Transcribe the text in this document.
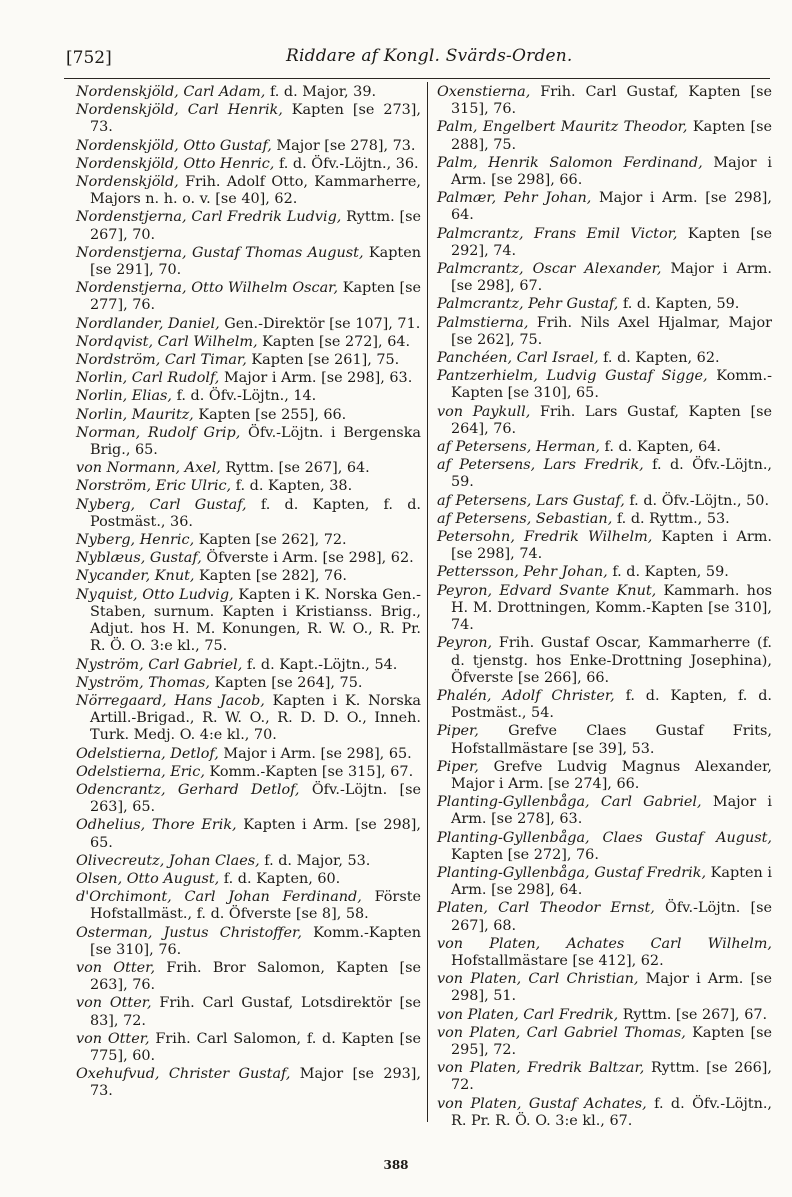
[752]	Riddare af Kongl. Svärds-Orden.
Nordenskjöld, Carl Adam, f. d. Major, 39.
Nordenskjöld, Carl Henrik, Kapten [se 273], 73.
Nordenskjöld, Otto Gustaf, Major [se 278], 73.
Nordenskjöld, Otto Henric, f. d. Öfv.-Löjtn., 36.
Nordenskjöld, Frih. Adolf Otto, Kammarherre, Majors n. h. o. v. [se 40], 62.
Nordenstjerna, Carl Fredrik Ludvig, Ryttm. [se 267], 70.
Nordenstjerna, Gustaf Thomas August, Kapten [se 291], 70.
Nordenstjerna, Otto Wilhelm Oscar, Kapten [se 277], 76.
Nordlander, Daniel, Gen.-Direktör [se 107], 71.
Nordqvist, Carl Wilhelm, Kapten [se 272], 64.
Nordström, Carl Timar, Kapten [se 261], 75.
Norlin, Carl Rudolf, Major i Arm. [se 298], 63.
Norlin, Elias, f. d. Öfv.-Löjtn., 14.
Norlin, Mauritz, Kapten [se 255], 66.
Norman, Rudolf Grip, Öfv.-Löjtn. i Bergenska Brig., 65.
von Normann, Axel, Ryttm. [se 267], 64.
Norström, Eric Ulric, f. d. Kapten, 38.
Nyberg, Carl Gustaf, f. d. Kapten, f. d. Postmäst., 36.
Nyberg, Henric, Kapten [se 262], 72.
Nyblæus, Gustaf, Öfverste i Arm. [se 298], 62.
Nycander, Knut, Kapten [se 282], 76.
Nyquist, Otto Ludvig, Kapten i K. Norska Gen.-Staben, surnum. Kapten i Kristianss. Brig., Adjut. hos H. M. Konungen, R. W. O., R. Pr. R. Ö. O. 3:e kl., 75.
Nyström, Carl Gabriel, f. d. Kapt.-Löjtn., 54.
Nyström, Thomas, Kapten [se 264], 75.
Nörregaard, Hans Jacob, Kapten i K. Norska Artill.-Brigad., R. W. O., R. D. D. O., Inneh. Turk. Medj. O. 4:e kl., 70.
Odelstierna, Detlof, Major i Arm. [se 298], 65.
Odelstierna, Eric, Komm.-Kapten [se 315], 67.
Odencrantz, Gerhard Detlof, Öfv.-Löjtn. [se 263], 65.
Odhelius, Thore Erik, Kapten i Arm. [se 298], 65.
Olivecreutz, Johan Claes, f. d. Major, 53.
Olsen, Otto August, f. d. Kapten, 60.
d'Orchimont, Carl Johan Ferdinand, Förste Hofstallmäst., f. d. Öfverste [se 8], 58.
Osterman, Justus Christoffer, Komm.-Kapten [se 310], 76.
von Otter, Frih. Bror Salomon, Kapten [se 263], 76.
von Otter, Frih. Carl Gustaf, Lotsdirektör [se 83], 72.
von Otter, Frih. Carl Salomon, f. d. Kapten [se 775], 60.
Oxehufvud, Christer Gustaf, Major [se 293], 73.
Oxenstierna, Frih. Carl Gustaf, Kapten [se 315], 76.
Palm, Engelbert Mauritz Theodor, Kapten [se 288], 75.
Palm, Henrik Salomon Ferdinand, Major i Arm. [se 298], 66.
Palmær, Pehr Johan, Major i Arm. [se 298], 64.
Palmcrantz, Frans Emil Victor, Kapten [se 292], 74.
Palmcrantz, Oscar Alexander, Major i Arm. [se 298], 67.
Palmcrantz, Pehr Gustaf, f. d. Kapten, 59.
Palmstierna, Frih. Nils Axel Hjalmar, Major [se 262], 75.
Panchéen, Carl Israel, f. d. Kapten, 62.
Pantzerhielm, Ludvig Gustaf Sigge, Komm.-Kapten [se 310], 65.
von Paykull, Frih. Lars Gustaf, Kapten [se 264], 76.
af Petersens, Herman, f. d. Kapten, 64.
af Petersens, Lars Fredrik, f. d. Öfv.-Löjtn., 59.
af Petersens, Lars Gustaf, f. d. Öfv.-Löjtn., 50.
af Petersens, Sebastian, f. d. Ryttm., 53.
Petersohn, Fredrik Wilhelm, Kapten i Arm. [se 298], 74.
Pettersson, Pehr Johan, f. d. Kapten, 59.
Peyron, Edvard Svante Knut, Kammarh. hos H. M. Drottningen, Komm.-Kapten [se 310], 74.
Peyron, Frih. Gustaf Oscar, Kammarherre (f. d. tjenstg. hos Enke-Drottning Josephina), Öfverste [se 266], 66.
Phalén, Adolf Christer, f. d. Kapten, f. d. Postmäst., 54.
Piper, Grefve Claes Gustaf Frits, Hofstallmästare [se 39], 53.
Piper, Grefve Ludvig Magnus Alexander, Major i Arm. [se 274], 66.
Planting-Gyllenbåga, Carl Gabriel, Major i Arm. [se 278], 63.
Planting-Gyllenbåga, Claes Gustaf August, Kapten [se 272], 76.
Planting-Gyllenbåga, Gustaf Fredrik, Kapten i Arm. [se 298], 64.
Platen, Carl Theodor Ernst, Öfv.-Löjtn. [se 267], 68.
von Platen, Achates Carl Wilhelm, Hofstallmästare [se 412], 62.
von Platen, Carl Christian, Major i Arm. [se 298], 51.
von Platen, Carl Fredrik, Ryttm. [se 267], 67.
von Platen, Carl Gabriel Thomas, Kapten [se 295], 72.
von Platen, Fredrik Baltzar, Ryttm. [se 266], 72.
von Platen, Gustaf Achates, f. d. Öfv.-Löjtn., R. Pr. R. Ö. O. 3:e kl., 67.
388
